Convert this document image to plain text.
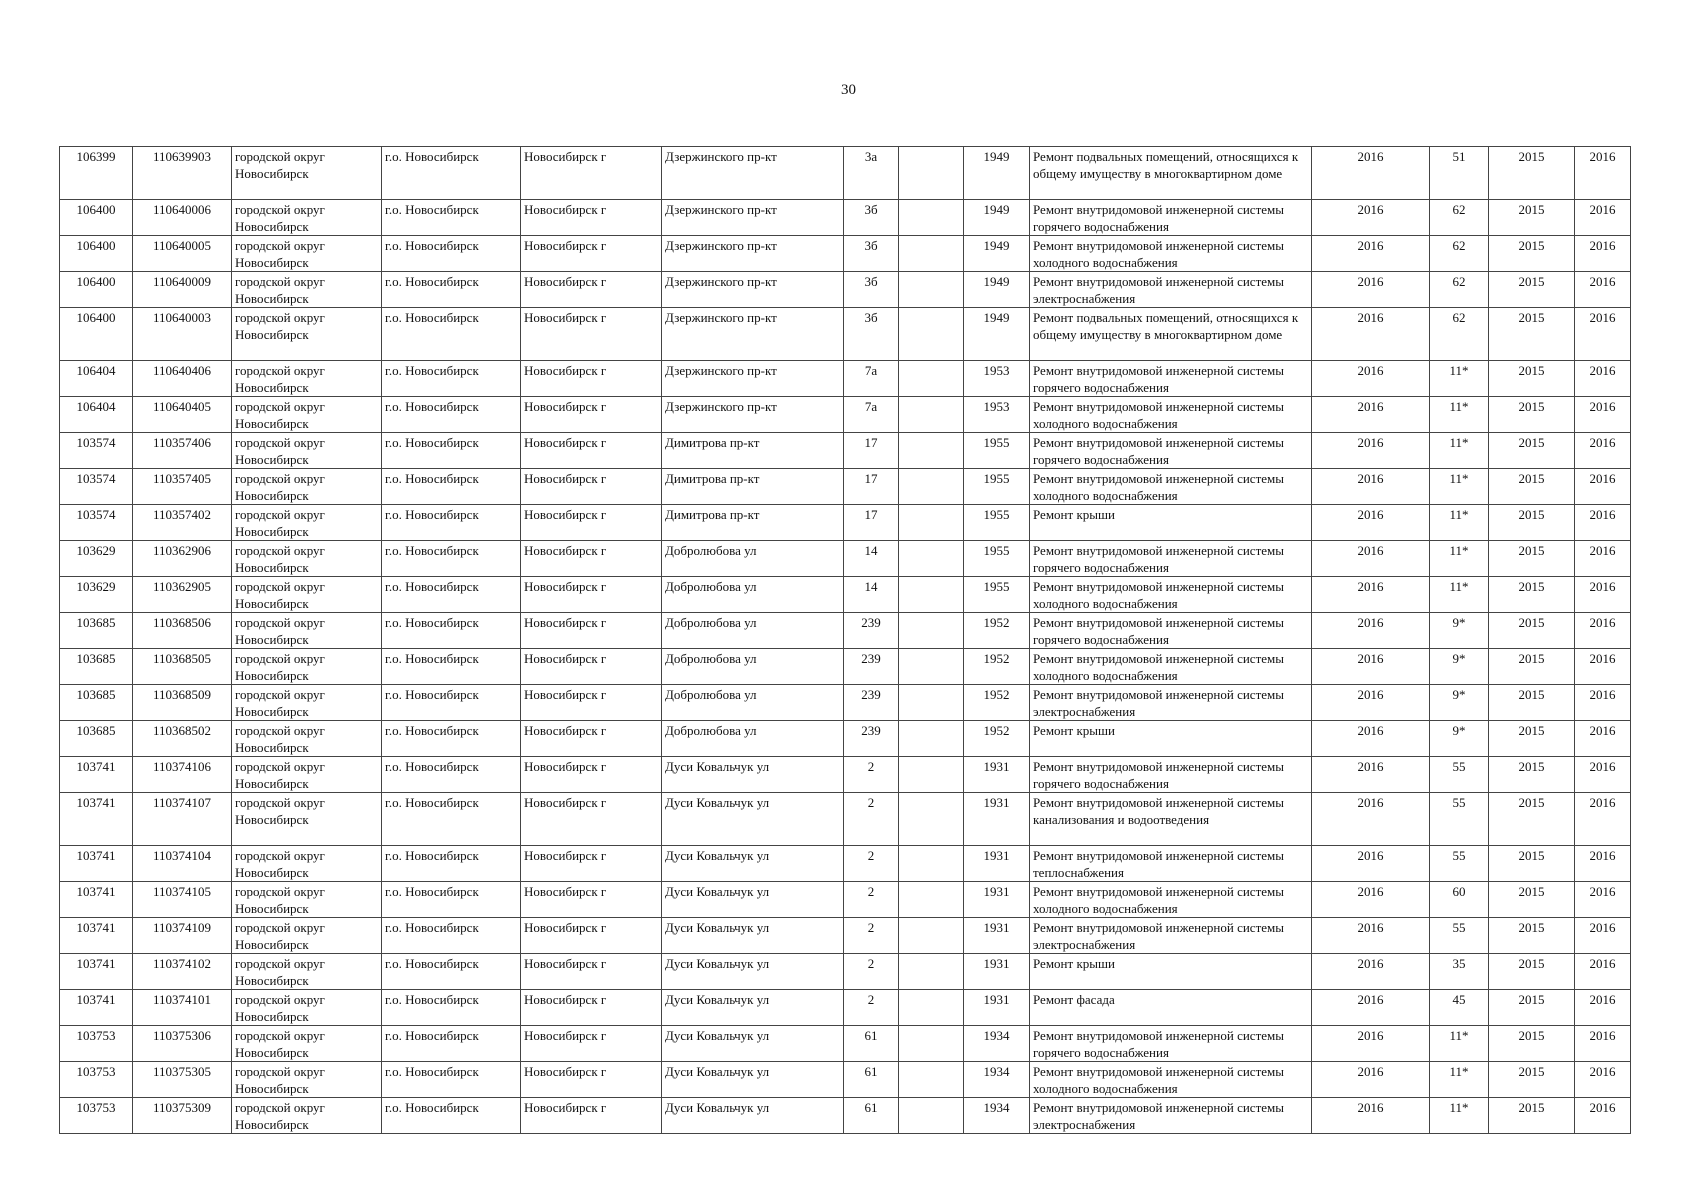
30
106399	110639903	городской округ Новосибирск	г.о. Новосибирск	Новосибирск г	Дзержинского пр-кт	3а		1949	Ремонт подвальных помещений, относящихся к общему имуществу в многоквартирном доме	2016	51	2015	2016
106400	110640006	городской округ Новосибирск	г.о. Новосибирск	Новосибирск г	Дзержинского пр-кт	3б		1949	Ремонт внутридомовой инженерной системы горячего водоснабжения	2016	62	2015	2016
106400	110640005	городской округ Новосибирск	г.о. Новосибирск	Новосибирск г	Дзержинского пр-кт	3б		1949	Ремонт внутридомовой инженерной системы холодного водоснабжения	2016	62	2015	2016
106400	110640009	городской округ Новосибирск	г.о. Новосибирск	Новосибирск г	Дзержинского пр-кт	3б		1949	Ремонт внутридомовой инженерной системы электроснабжения	2016	62	2015	2016
106400	110640003	городской округ Новосибирск	г.о. Новосибирск	Новосибирск г	Дзержинского пр-кт	3б		1949	Ремонт подвальных помещений, относящихся к общему имуществу в многоквартирном доме	2016	62	2015	2016
106404	110640406	городской округ Новосибирск	г.о. Новосибирск	Новосибирск г	Дзержинского пр-кт	7а		1953	Ремонт внутридомовой инженерной системы горячего водоснабжения	2016	11*	2015	2016
106404	110640405	городской округ Новосибирск	г.о. Новосибирск	Новосибирск г	Дзержинского пр-кт	7а		1953	Ремонт внутридомовой инженерной системы холодного водоснабжения	2016	11*	2015	2016
103574	110357406	городской округ Новосибирск	г.о. Новосибирск	Новосибирск г	Димитрова пр-кт	17		1955	Ремонт внутридомовой инженерной системы горячего водоснабжения	2016	11*	2015	2016
103574	110357405	городской округ Новосибирск	г.о. Новосибирск	Новосибирск г	Димитрова пр-кт	17		1955	Ремонт внутридомовой инженерной системы холодного водоснабжения	2016	11*	2015	2016
103574	110357402	городской округ Новосибирск	г.о. Новосибирск	Новосибирск г	Димитрова пр-кт	17		1955	Ремонт крыши	2016	11*	2015	2016
103629	110362906	городской округ Новосибирск	г.о. Новосибирск	Новосибирск г	Добролюбова ул	14		1955	Ремонт внутридомовой инженерной системы горячего водоснабжения	2016	11*	2015	2016
103629	110362905	городской округ Новосибирск	г.о. Новосибирск	Новосибирск г	Добролюбова ул	14		1955	Ремонт внутридомовой инженерной системы холодного водоснабжения	2016	11*	2015	2016
103685	110368506	городской округ Новосибирск	г.о. Новосибирск	Новосибирск г	Добролюбова ул	239		1952	Ремонт внутридомовой инженерной системы горячего водоснабжения	2016	9*	2015	2016
103685	110368505	городской округ Новосибирск	г.о. Новосибирск	Новосибирск г	Добролюбова ул	239		1952	Ремонт внутридомовой инженерной системы холодного водоснабжения	2016	9*	2015	2016
103685	110368509	городской округ Новосибирск	г.о. Новосибирск	Новосибирск г	Добролюбова ул	239		1952	Ремонт внутридомовой инженерной системы электроснабжения	2016	9*	2015	2016
103685	110368502	городской округ Новосибирск	г.о. Новосибирск	Новосибирск г	Добролюбова ул	239		1952	Ремонт крыши	2016	9*	2015	2016
103741	110374106	городской округ Новосибирск	г.о. Новосибирск	Новосибирск г	Дуси Ковальчук ул	2		1931	Ремонт внутридомовой инженерной системы горячего водоснабжения	2016	55	2015	2016
103741	110374107	городской округ Новосибирск	г.о. Новосибирск	Новосибирск г	Дуси Ковальчук ул	2		1931	Ремонт внутридомовой инженерной системы канализования и водоотведения	2016	55	2015	2016
103741	110374104	городской округ Новосибирск	г.о. Новосибирск	Новосибирск г	Дуси Ковальчук ул	2		1931	Ремонт внутридомовой инженерной системы теплоснабжения	2016	55	2015	2016
103741	110374105	городской округ Новосибирск	г.о. Новосибирск	Новосибирск г	Дуси Ковальчук ул	2		1931	Ремонт внутридомовой инженерной системы холодного водоснабжения	2016	60	2015	2016
103741	110374109	городской округ Новосибирск	г.о. Новосибирск	Новосибирск г	Дуси Ковальчук ул	2		1931	Ремонт внутридомовой инженерной системы электроснабжения	2016	55	2015	2016
103741	110374102	городской округ Новосибирск	г.о. Новосибирск	Новосибирск г	Дуси Ковальчук ул	2		1931	Ремонт крыши	2016	35	2015	2016
103741	110374101	городской округ Новосибирск	г.о. Новосибирск	Новосибирск г	Дуси Ковальчук ул	2		1931	Ремонт фасада	2016	45	2015	2016
103753	110375306	городской округ Новосибирск	г.о. Новосибирск	Новосибирск г	Дуси Ковальчук ул	61		1934	Ремонт внутридомовой инженерной системы горячего водоснабжения	2016	11*	2015	2016
103753	110375305	городской округ Новосибирск	г.о. Новосибирск	Новосибирск г	Дуси Ковальчук ул	61		1934	Ремонт внутридомовой инженерной системы холодного водоснабжения	2016	11*	2015	2016
103753	110375309	городской округ Новосибирск	г.о. Новосибирск	Новосибирск г	Дуси Ковальчук ул	61		1934	Ремонт внутридомовой инженерной системы электроснабжения	2016	11*	2015	2016
